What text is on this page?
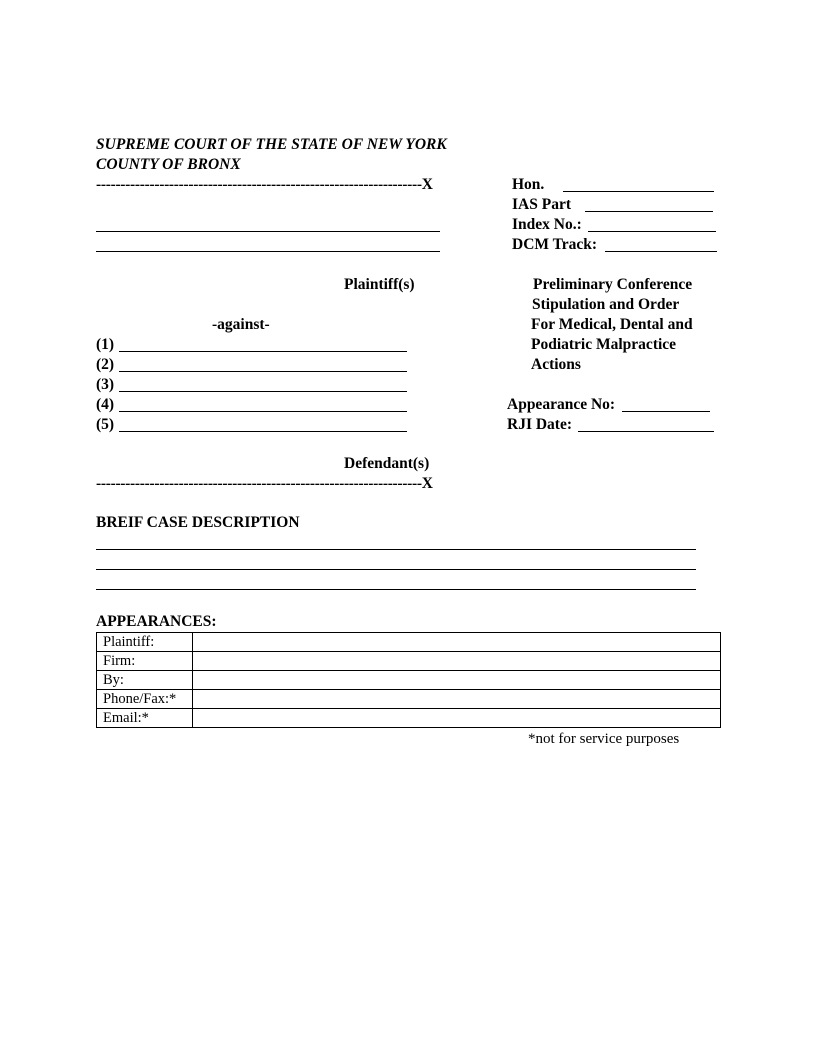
SUPREME COURT OF THE STATE OF NEW YORK
COUNTY OF BRONX
-------------------------------------------------------------------X
Plaintiff(s)
-against-
(1)
(2)
(3)
(4)
(5)
Defendant(s)
-------------------------------------------------------------------X
Hon.
IAS Part
Index No.:
DCM Track:
Preliminary Conference
Stipulation and Order
For Medical, Dental and
Podiatric Malpractice
Actions
Appearance No:
RJI Date:
BREIF CASE DESCRIPTION
APPEARANCES:
Plaintiff:	
Firm:	
By:	
Phone/Fax:*	
Email:*	
*not for service purposes
